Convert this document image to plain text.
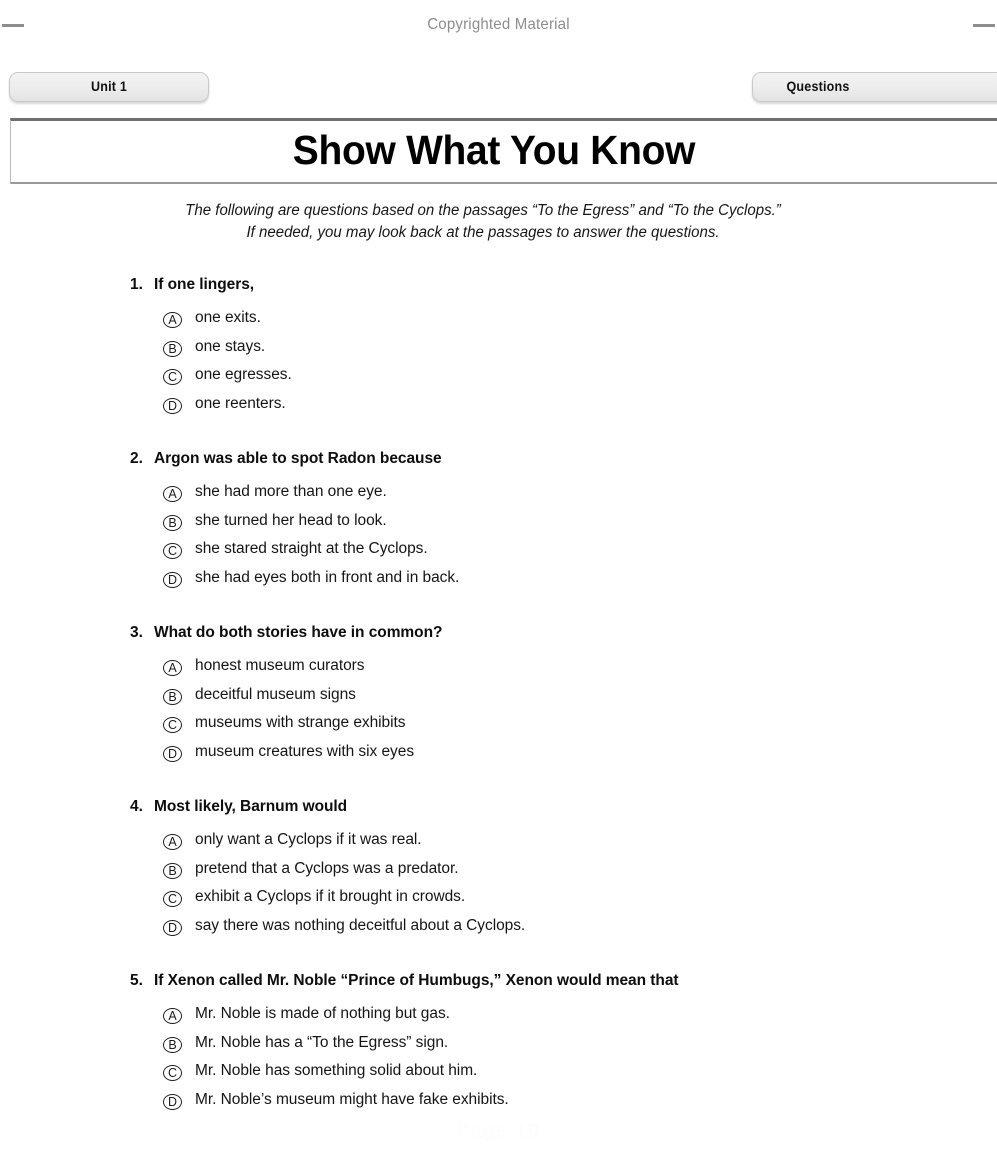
Copyrighted Material
Unit 1	Questions
Show What You Know
The following are questions based on the passages “To the Egress” and “To the Cyclops.”
If needed, you may look back at the passages to answer the questions.
1. If one lingers,
A	one exits.
B	one stays.
C	one egresses.
D	one reenters.
2. Argon was able to spot Radon because
A	she had more than one eye.
B	she turned her head to look.
C	she stared straight at the Cyclops.
D	she had eyes both in front and in back.
3. What do both stories have in common?
A	honest museum curators
B	deceitful museum signs
C	museums with strange exhibits
D	museum creatures with six eyes
4. Most likely, Barnum would
A	only want a Cyclops if it was real.
B	pretend that a Cyclops was a predator.
C	exhibit a Cyclops if it brought in crowds.
D	say there was nothing deceitful about a Cyclops.
5. If Xenon called Mr. Noble “Prince of Humbugs,” Xenon would mean that
A	Mr. Noble is made of nothing but gas.
B	Mr. Noble has a “To the Egress” sign.
C	Mr. Noble has something solid about him.
D	Mr. Noble’s museum might have fake exhibits.
Page 10
